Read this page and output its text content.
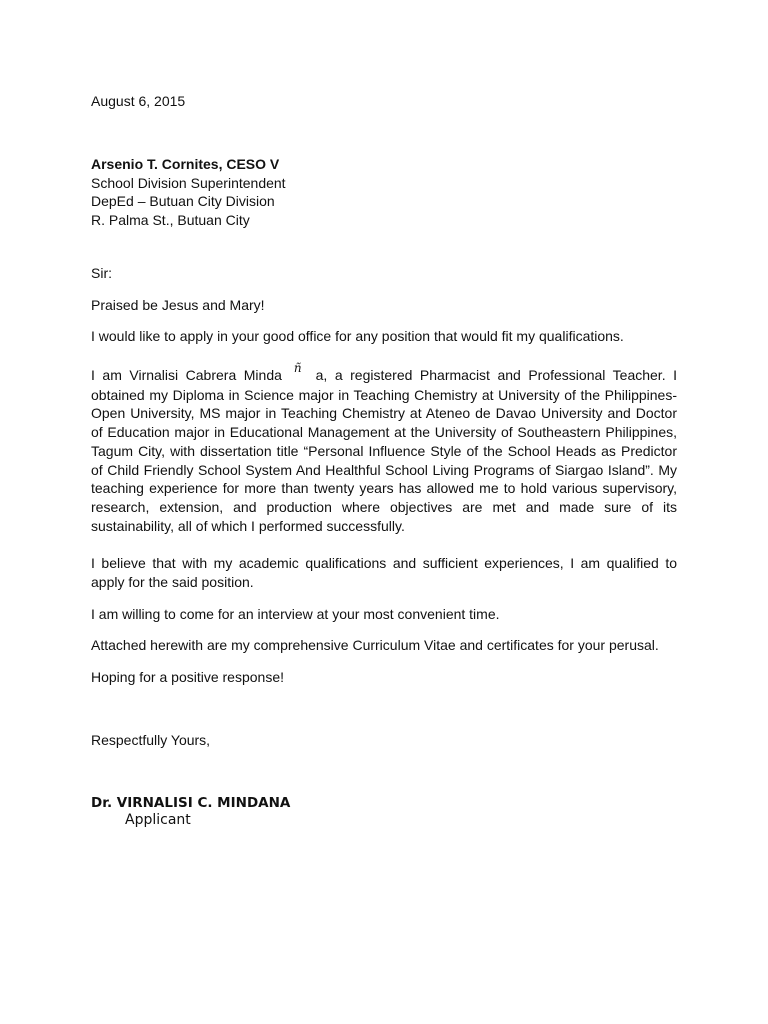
August 6, 2015
Arsenio T. Cornites, CESO V
School Division Superintendent
DepEd – Butuan City Division
R. Palma St., Butuan City
Sir:
Praised be Jesus and Mary!
I would like to apply in your good office for any position that would fit my qualifications.
I am Virnalisi Cabrera Minda ñ a, a registered Pharmacist and Professional Teacher. I obtained my Diploma in Science major in Teaching Chemistry at University of the Philippines-Open University, MS major in Teaching Chemistry at Ateneo de Davao University and Doctor of Education major in Educational Management at the University of Southeastern Philippines, Tagum City, with dissertation title “Personal Influence Style of the School Heads as Predictor of Child Friendly School System And Healthful School Living Programs of Siargao Island”. My teaching experience for more than twenty years has allowed me to hold various supervisory, research, extension, and production where objectives are met and made sure of its sustainability, all of which I performed successfully.
I believe that with my academic qualifications and sufficient experiences, I am qualified to apply for the said position.
I am willing to come for an interview at your most convenient time.
Attached herewith are my comprehensive Curriculum Vitae and certificates for your perusal.
Hoping for a positive response!
Respectfully Yours,
Dr. VIRNALISI C. MINDANA
Applicant
